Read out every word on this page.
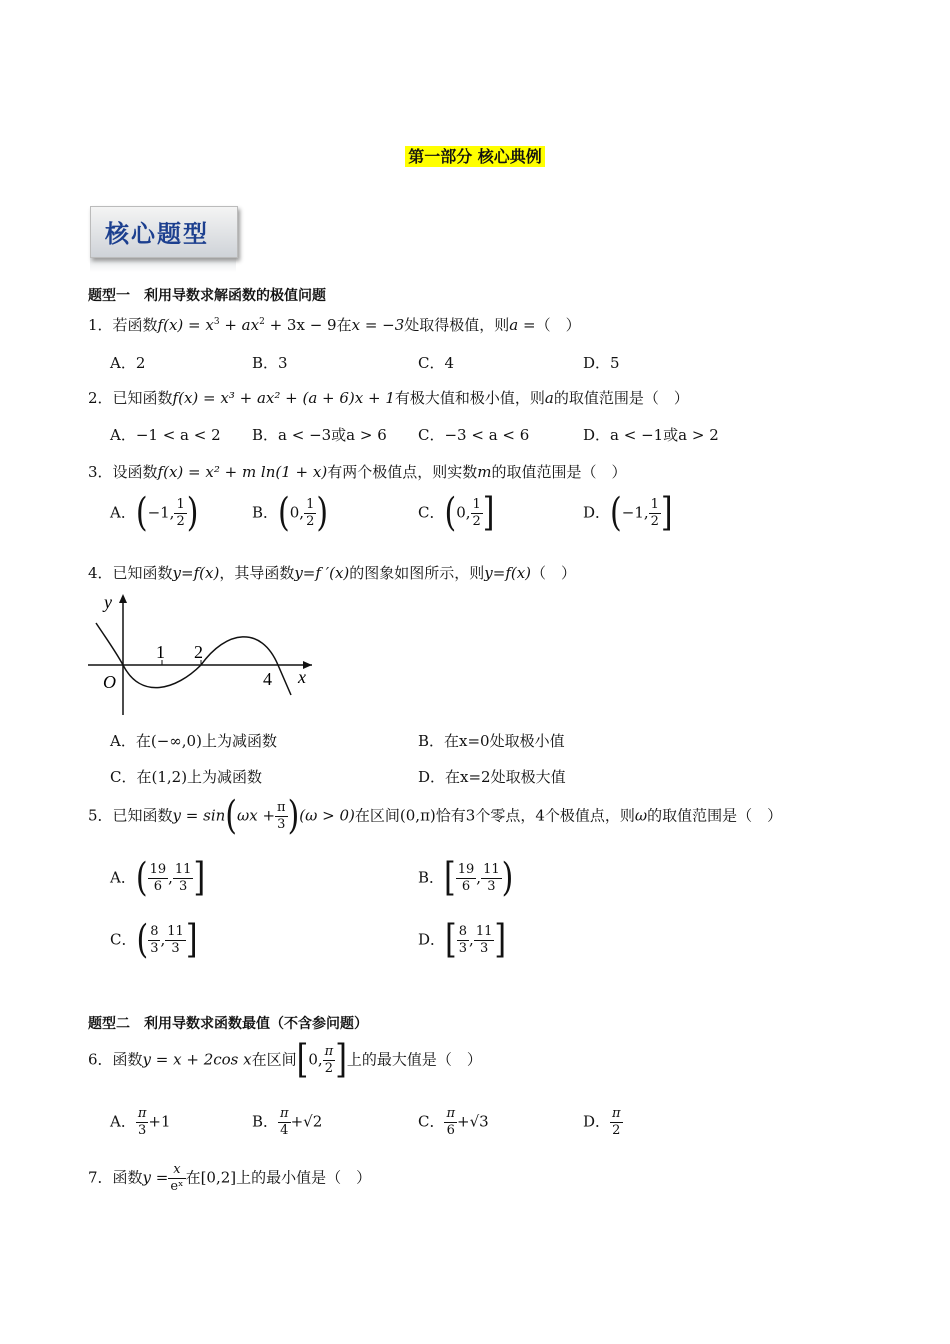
第一部分 核心典例
核心题型
题型一　利用导数求解函数的极值问题
1．若函数$f(x) = x^3 + ax^2 + 3x - 9$在x = −3处取得极值，则a =（　）
A．2	B．3	C．4	D．5
2．已知函数f(x) = x³ + ax² + (a + 6)x + 1有极大值和极小值，则a的取值范围是（　）
A．−1 < a < 2 B．a < −3或a > 6 C．−3 < a < 6	D．a < −1或a > 2
3．设函数f(x) = x² + m ln(1 + x)有两个极值点，则实数m的取值范围是（　）
A．(−1, $\frac{1}{2}$ )	B．(0, $\frac{1}{2}$ )	C．(0, $\frac{1}{2}$ ]	D．(−1, $\frac{1}{2}$ ]
4．已知函数y=f(x)，其导函数y=f ′(x)的图象如图所示，则y=f(x)（　）
y
x
O
1 2
4
A．在(−∞,0)上为减函数	B．在x=0处取极小值
C．在(1,2)上为减函数	D．在x=2处取极大值
5．已知函数$y = \sin(\omega x + \frac{\pi}{3} )(\omega > 0)$在区间(0,π)恰有3个零点，4个极值点，则ω的取值范围是（　）
A．( $\frac{19}{6}$ , $\frac{11}{3}$ ]	B．[ $\frac{19}{6}$ , $\frac{11}{3}$ )
C．( $\frac{8}{3}$ , $\frac{11}{3}$ ]	D．[ $\frac{8}{3}$ , $\frac{11}{3}$ ]
题型二　利用导数求函数最值（不含参问题）
6．函数y = x + 2cos x在区间[0, $\frac{\pi}{2}$ ]上的最大值是（　）
A． $\frac{\pi}{3} +1$	B． $\frac{\pi}{4} +√2$	C． $\frac{\pi}{6} +√3$	D． $\frac{\pi}{2}$
7．函数$y = \frac{x}{\text{eˣ}}$ 在[0,2]上的最小值是（　）
